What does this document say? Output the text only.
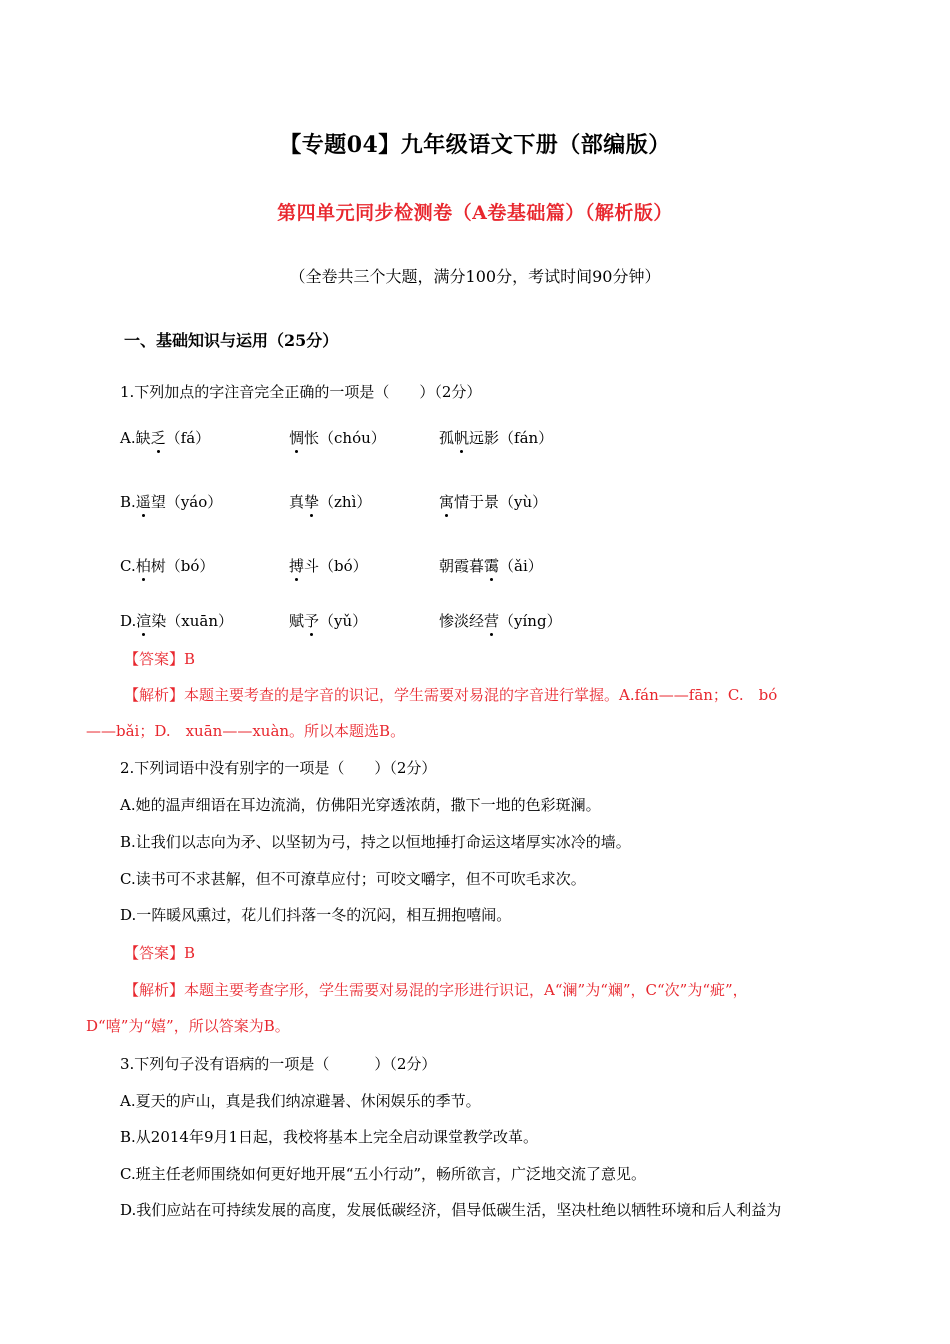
【专题04】九年级语文下册（部编版）
第四单元同步检测卷（A卷基础篇）（解析版）
（全卷共三个大题，满分100分，考试时间90分钟）
一、基础知识与运用（25分）
1.下列加点的字注音完全正确的一项是（　　）（2分）
A.缺乏（fá）	惆怅（chóu）	孤帆远影（fán）
B.遥望（yáo）	真挚（zhì）	寓情于景（yù）
C.柏树（bó）	搏斗（bó）	朝霞暮霭（ǎi）
D.渲染（xuān）	赋予（yǔ）	惨淡经营（yíng）
【答案】B
【解析】本题主要考查的是字音的识记，学生需要对易混的字音进行掌握。A.fán——fān；C.　bó
——bǎi；D.　xuān——xuàn。所以本题选B。
2.下列词语中没有别字的一项是（　　）（2分）
A.她的温声细语在耳边流淌，仿佛阳光穿透浓荫，撒下一地的色彩斑澜。
B.让我们以志向为矛、以坚韧为弓，持之以恒地捶打命运这堵厚实冰冷的墙。
C.读书可不求甚解，但不可潦草应付；可咬文嚼字，但不可吹毛求次。
D.一阵暖风熏过，花儿们抖落一冬的沉闷，相互拥抱嘻闹。
【答案】B
【解析】本题主要考查字形，学生需要对易混的字形进行识记，A“澜”为“斓”，C“次”为“疵”，
D“嘻”为“嬉”，所以答案为B。
3.下列句子没有语病的一项是（　　　）（2分）
A.夏天的庐山，真是我们纳凉避暑、休闲娱乐的季节。
B.从2014年9月1日起，我校将基本上完全启动课堂教学改革。
C.班主任老师围绕如何更好地开展“五小行动”，畅所欲言，广泛地交流了意见。
D.我们应站在可持续发展的高度，发展低碳经济，倡导低碳生活，坚决杜绝以牺牲环境和后人利益为
